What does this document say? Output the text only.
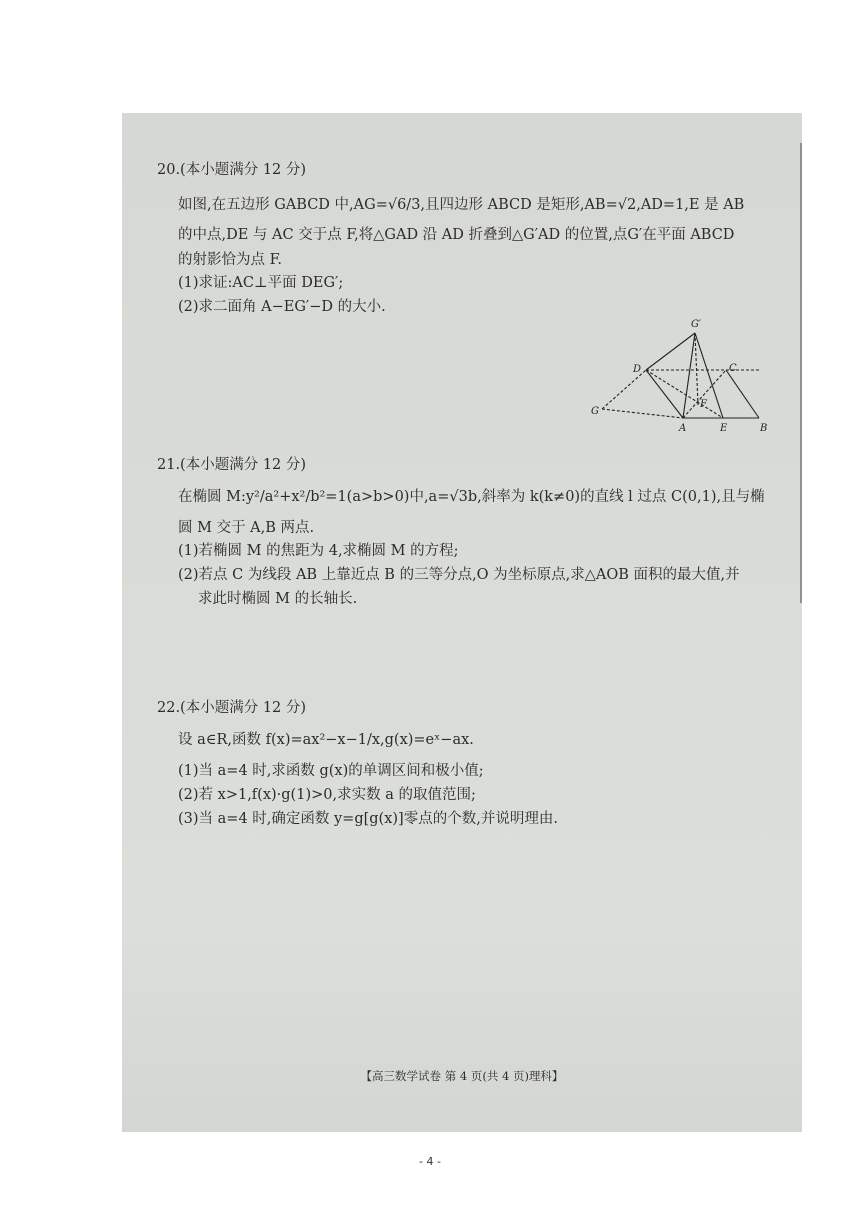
20.(本小题满分 12 分)
如图,在五边形 GABCD 中,AG=√6/3,且四边形 ABCD 是矩形,AB=√2,AD=1,E 是 AB
的中点,DE 与 AC 交于点 F,将△GAD 沿 AD 折叠到△G′AD 的位置,点G′在平面 ABCD
的射影恰为点 F.
(1)求证:AC⊥平面 DEG′;
(2)求二面角 A−EG′−D 的大小.
G′
D	C
G
F
A	E	B
21.(本小题满分 12 分)
在椭圆 M:y²/a²+x²/b²=1(a>b>0)中,a=√3b,斜率为 k(k≠0)的直线 l 过点 C(0,1),且与椭
圆 M 交于 A,B 两点.
(1)若椭圆 M 的焦距为 4,求椭圆 M 的方程;
(2)若点 C 为线段 AB 上靠近点 B 的三等分点,O 为坐标原点,求△AOB 面积的最大值,并
求此时椭圆 M 的长轴长.
22.(本小题满分 12 分)
设 a∈R,函数 f(x)=ax²−x−1/x,g(x)=eˣ−ax.
(1)当 a=4 时,求函数 g(x)的单调区间和极小值;
(2)若 x>1,f(x)·g(1)>0,求实数 a 的取值范围;
(3)当 a=4 时,确定函数 y=g[g(x)]零点的个数,并说明理由.
【高三数学试卷 第 4 页(共 4 页)理科】
- 4 -
